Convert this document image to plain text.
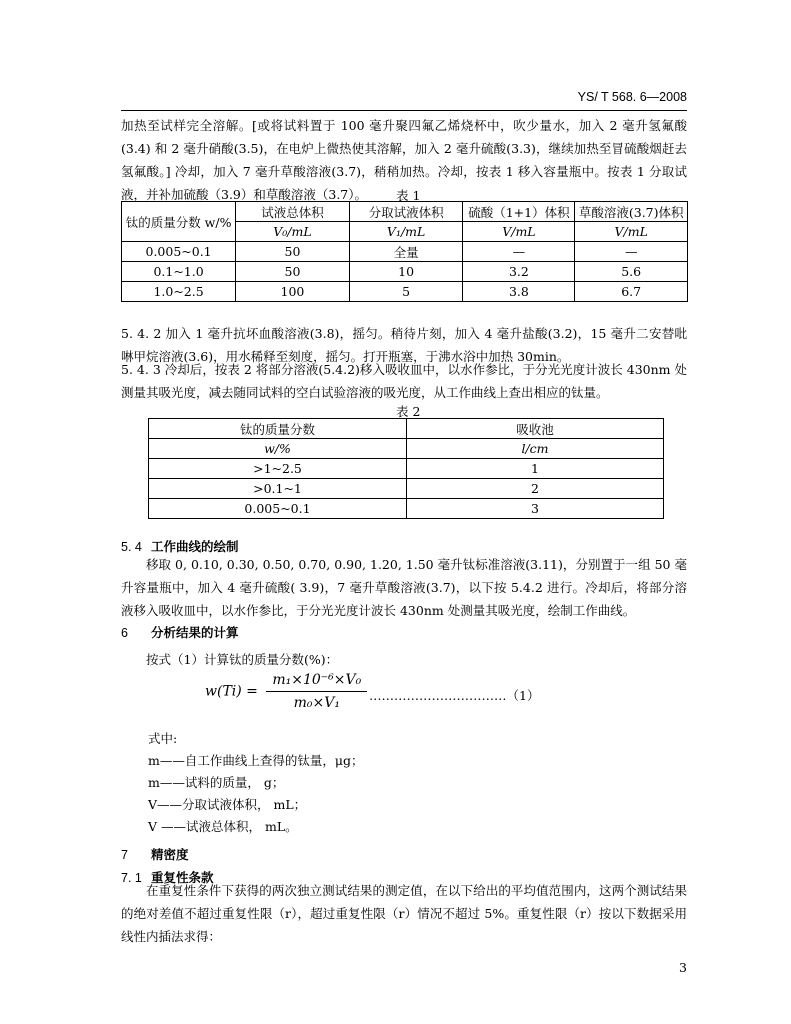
YS/ T 568. 6—2008
加热至试样完全溶解。[或将试料置于 100 毫升聚四氟乙烯烧杯中，吹少量水，加入 2 毫升氢氟酸(3.4) 和 2 毫升硝酸(3.5)，在电炉上微热使其溶解，加入 2 毫升硫酸(3.3)，继续加热至冒硫酸烟赶去氢氟酸。] 冷却，加入 7 毫升草酸溶液(3.7)，稍稍加热。冷却，按表 1 移入容量瓶中。按表 1 分取试液，并补加硫酸（3.9）和草酸溶液（3.7）。	表 1
钛的质量分数 w/%	试液总体积	分取试液体积	硫酸（1+1）体积	草酸溶液(3.7)体积
	V₀/mL	V₁/mL	V/mL	V/mL
0.005~0.1	50	全量	—	—
0.1~1.0	50	10	3.2	5.6
1.0~2.5	100	5	3.8	6.7
5. 4. 2 加入 1 毫升抗坏血酸溶液(3.8)，摇匀。稍待片刻，加入 4 毫升盐酸(3.2)，15 毫升二安替吡啉甲烷溶液(3.6)，用水稀释至刻度，摇匀。打开瓶塞，于沸水浴中加热 30min。
5. 4. 3 冷却后，按表 2 将部分溶液(5.4.2)移入吸收皿中，以水作参比，于分光光度计波长 430nm 处测量其吸光度，减去随同试料的空白试验溶液的吸光度，从工作曲线上查出相应的钛量。
表 2
钛的质量分数	吸收池
w/%	l/cm
>1~2.5	1
>0.1~1	2
0.005~0.1	3
5. 4 工作曲线的绘制
移取 0, 0.10, 0.30, 0.50, 0.70, 0.90, 1.20, 1.50 毫升钛标准溶液(3.11)，分别置于一组 50 毫升容量瓶中，加入 4 毫升硫酸( 3.9)，7 毫升草酸溶液(3.7)，以下按 5.4.2 进行。冷却后，将部分溶液移入吸收皿中，以水作参比，于分光光度计波长 430nm 处测量其吸光度，绘制工作曲线。
6 分析结果的计算
按式（1）计算钛的质量分数(%)：
$w(Ti) = \frac{\text{m₁×10⁻⁶×V₀}}{\text{m₀×V₁}}$ ……………………………（1）
式中:
m——自工作曲线上查得的钛量，μg；
m——试料的质量， g；
V——分取试液体积， mL；
V ——试液总体积， mL。
7 精密度
7. 1 重复性条款
在重复性条件下获得的两次独立测试结果的测定值，在以下给出的平均值范围内，这两个测试结果的绝对差值不超过重复性限（r），超过重复性限（r）情况不超过 5%。重复性限（r）按以下数据采用线性内插法求得：
3
